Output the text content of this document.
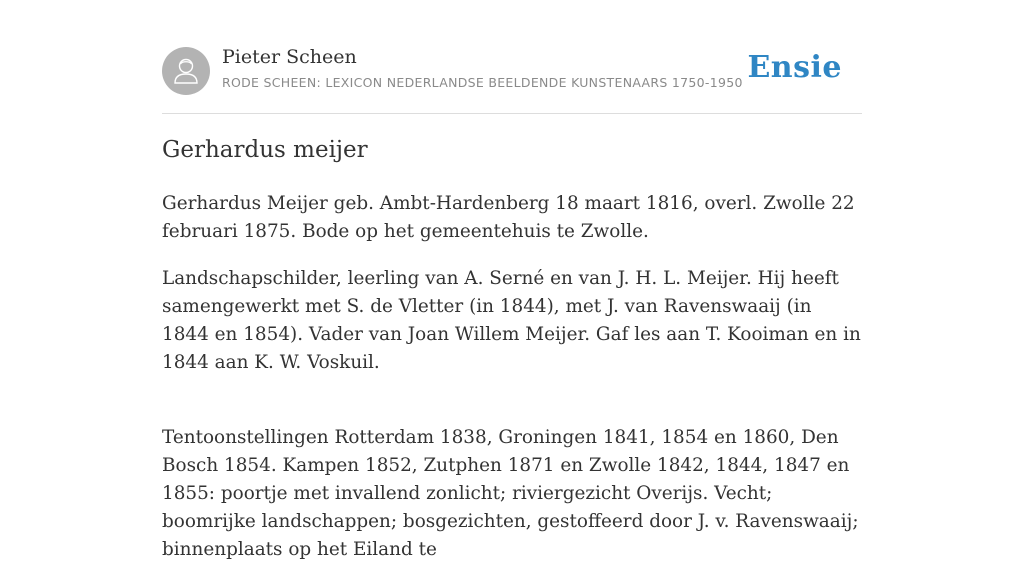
Pieter Scheen
RODE SCHEEN: LEXICON NEDERLANDSE BEELDENDE KUNSTENAARS 1750-1950 Ensie
Gerhardus meijer

Gerhardus Meijer geb. Ambt-Hardenberg 18 maart 1816, overl. Zwolle 22 februari 1875. Bode op het gemeentehuis te Zwolle.

Landschapschilder, leerling van A. Serné en van J. H. L. Meijer. Hij heeft samengewerkt met S. de Vletter (in 1844), met J. van Ravenswaaij (in 1844 en 1854). Vader van Joan Willem Meijer. Gaf les aan T. Kooiman en in 1844 aan K. W. Voskuil.

Tentoonstellingen Rotterdam 1838, Groningen 1841, 1854 en 1860, Den Bosch 1854. Kampen 1852, Zutphen 1871 en Zwolle 1842, 1844, 1847 en 1855: poortje met invallend zonlicht; riviergezicht Overijs. Vecht; boomrijke landschappen; bosgezichten, gestoffeerd door J. v. Ravenswaaij; binnenplaats op het Eiland te
